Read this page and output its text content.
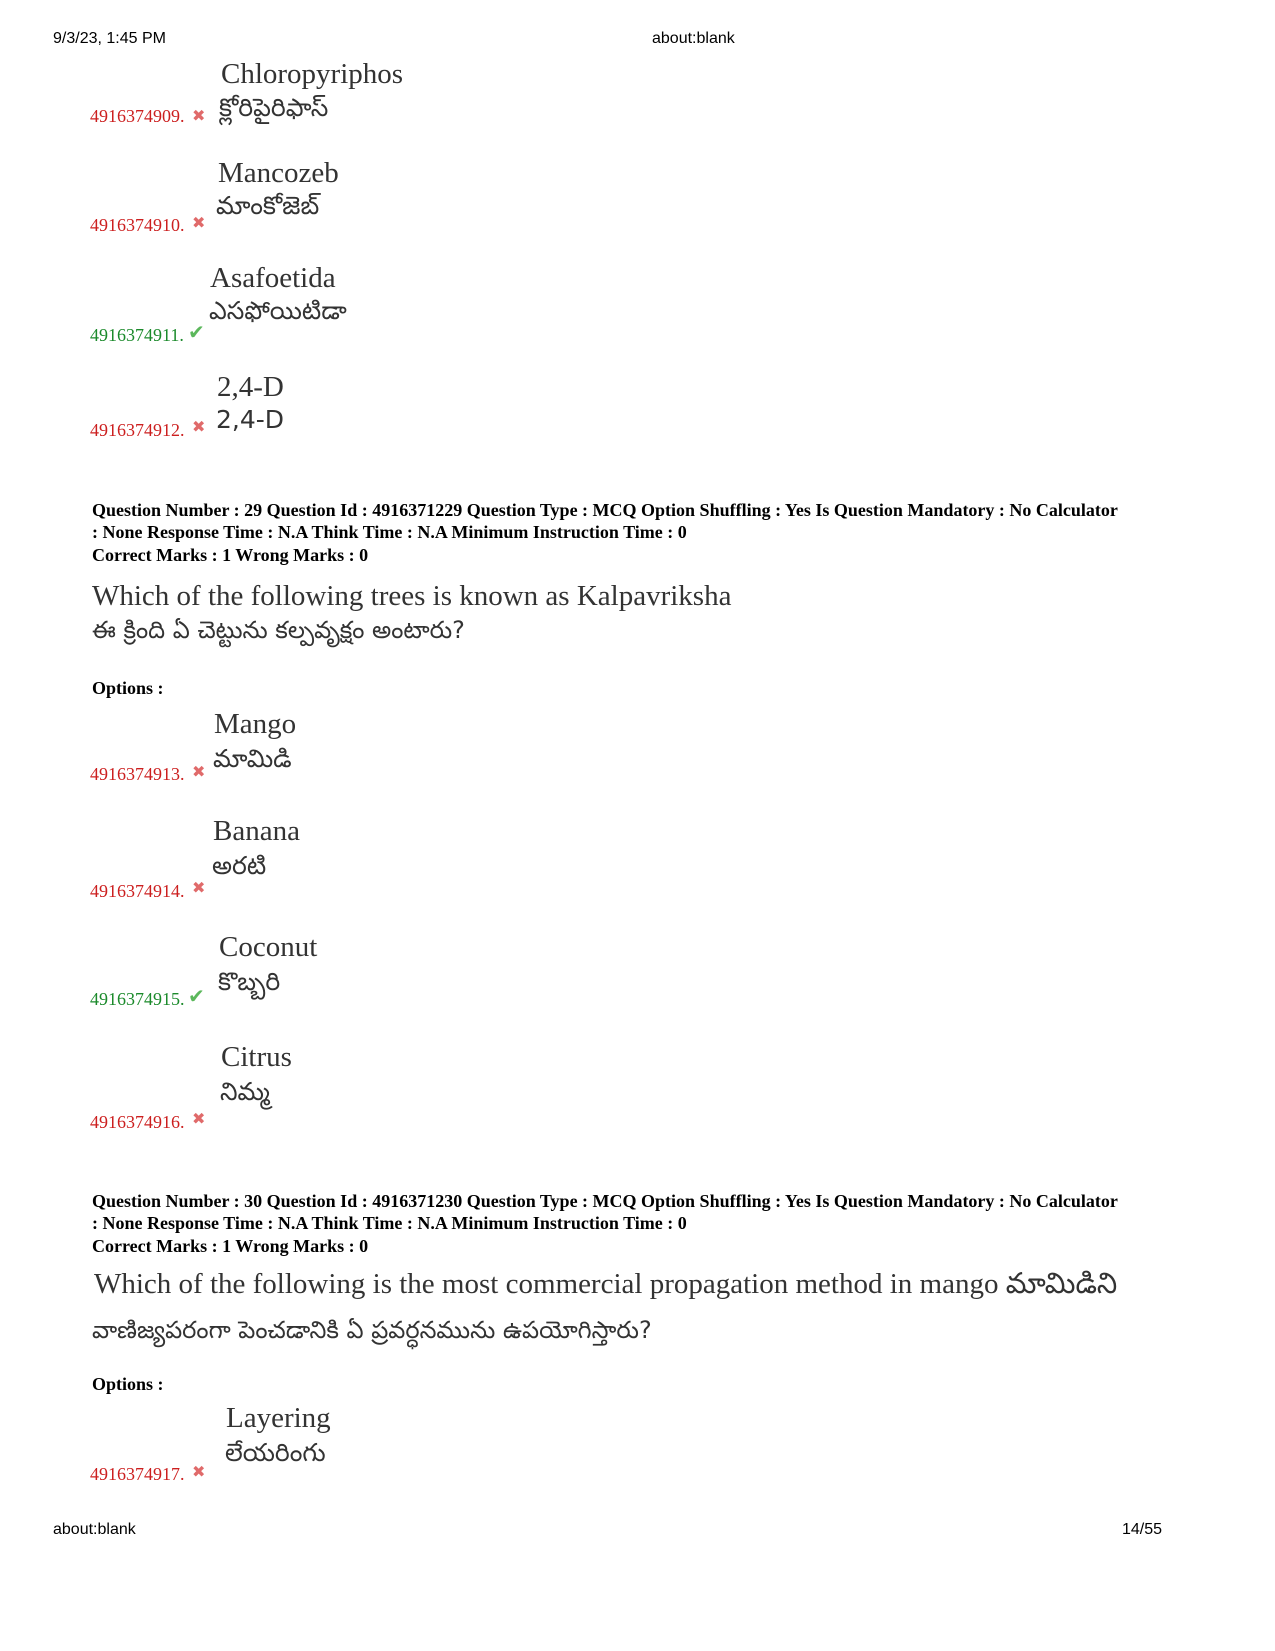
9/3/23, 1:45 PM	about:blank
4916374909. ✖
Chloropyriphos
క్లోరిపైరిఫాస్
4916374910. ✖
Mancozeb
మాంకోజెబ్
4916374911. ✔
Asafoetida
ఎసఫోయిటిడా
4916374912. ✖
2,4-D
2,4-D
Question Number : 29 Question Id : 4916371229 Question Type : MCQ Option Shuffling : Yes Is Question Mandatory : No Calculator
: None Response Time : N.A Think Time : N.A Minimum Instruction Time : 0
Correct Marks : 1 Wrong Marks : 0
Which of the following trees is known as Kalpavriksha
ఈ క్రింది ఏ చెట్టును కల్పవృక్షం అంటారు?
Options :
4916374913. ✖
Mango
మామిడి
4916374914. ✖
Banana
అరటి
4916374915. ✔
Coconut
కొబ్బరి
4916374916. ✖
Citrus
నిమ్మ
Question Number : 30 Question Id : 4916371230 Question Type : MCQ Option Shuffling : Yes Is Question Mandatory : No Calculator
: None Response Time : N.A Think Time : N.A Minimum Instruction Time : 0
Correct Marks : 1 Wrong Marks : 0
Which of the following is the most commercial propagation method in mango మామిడిని
వాణిజ్యపరంగా పెంచడానికి ఏ ప్రవర్ధనమును ఉపయోగిస్తారు?
Options :
4916374917. ✖
Layering
లేయరింగు
about:blank	14/55
